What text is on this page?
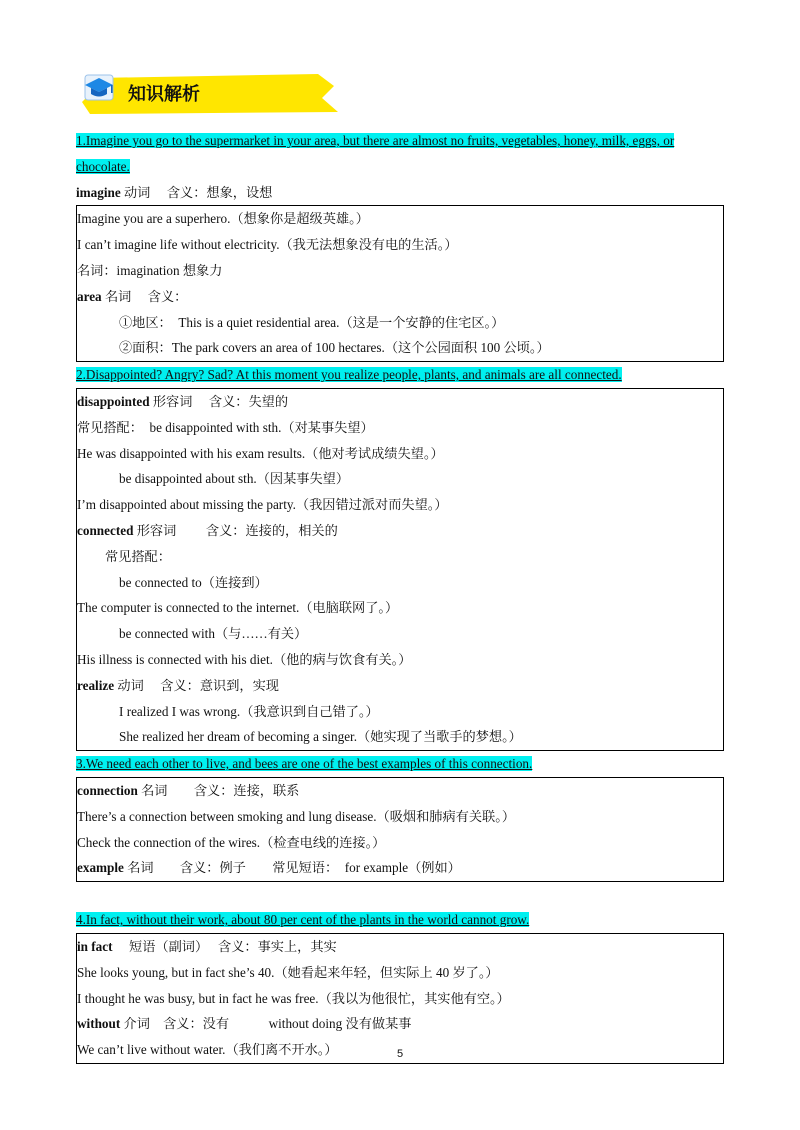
知识解析
1.Imagine you go to the supermarket in your area, but there are almost no fruits, vegetables, honey, milk, eggs, or chocolate.
imagine 动词　 含义：想象，设想
Imagine you are a superhero.（想象你是超级英雄。）
I can’t imagine life without electricity.（我无法想象没有电的生活。）
名词：imagination 想象力
area 名词　 含义：
①地区：　This is a quiet residential area.（这是一个安静的住宅区。）
②面积：The park covers an area of 100 hectares.（这个公园面积 100 公顷。）
2.Disappointed? Angry? Sad? At this moment you realize people, plants, and animals are all connected.
disappointed 形容词　 含义：失望的
常见搭配：　be disappointed with sth.（对某事失望）
He was disappointed with his exam results.（他对考试成绩失望。）
be disappointed about sth.（因某事失望）
I’m disappointed about missing the party.（我因错过派对而失望。）
connected 形容词　　 含义：连接的，相关的
常见搭配：
be connected to（连接到）
The computer is connected to the internet.（电脑联网了。）
be connected with（与……有关）
His illness is connected with his diet.（他的病与饮食有关。）
realize 动词　 含义：意识到，实现
I realized I was wrong.（我意识到自己错了。）
She realized her dream of becoming a singer.（她实现了当歌手的梦想。）
3.We need each other to live, and bees are one of the best examples of this connection.
connection 名词　　含义：连接，联系
There’s a connection between smoking and lung disease.（吸烟和肺病有关联。）
Check the connection of the wires.（检查电线的连接。）
example 名词　　含义：例子　　常见短语：　for example（例如）
4.In fact, without their work, about 80 per cent of the plants in the world cannot grow.
in fact　 短语（副词）　 含义：事实上，其实
She looks young, but in fact she’s 40.（她看起来年轻，但实际上 40 岁了。）
I thought he was busy, but in fact he was free.（我以为他很忙，其实他有空。）
without 介词　含义：没有　　　without doing 没有做某事
We can’t live without water.（我们离不开水。）	5
